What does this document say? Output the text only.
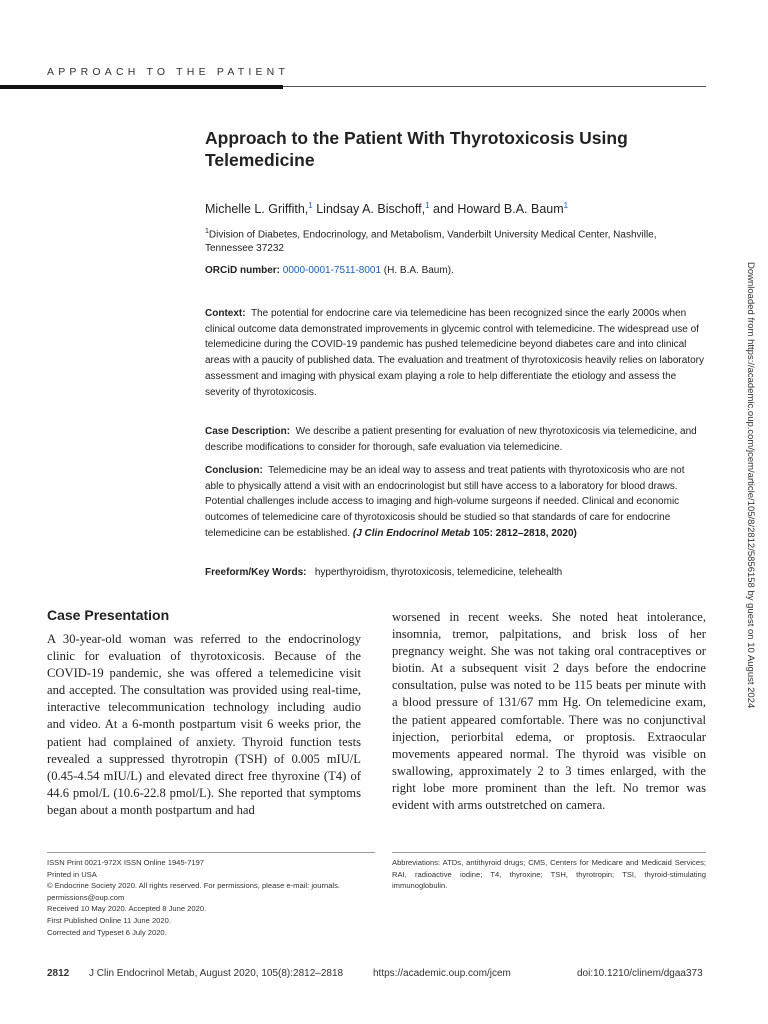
APPROACH TO THE PATIENT
Approach to the Patient With Thyrotoxicosis Using Telemedicine
Michelle L. Griffith,$^1$ Lindsay A. Bischoff,$^1$ and Howard B.A. Baum$^1$
$^1$Division of Diabetes, Endocrinology, and Metabolism, Vanderbilt University Medical Center, Nashville, Tennessee 37232
ORCiD number: 0000-0001-7511-8001 (H. B.A. Baum).
Context: The potential for endocrine care via telemedicine has been recognized since the early 2000s when clinical outcome data demonstrated improvements in glycemic control with telemedicine. The widespread use of telemedicine during the COVID-19 pandemic has pushed telemedicine beyond diabetes care and into clinical areas with a paucity of published data. The evaluation and treatment of thyrotoxicosis heavily relies on laboratory assessment and imaging with physical exam playing a role to help differentiate the etiology and assess the severity of thyrotoxicosis.
Case Description: We describe a patient presenting for evaluation of new thyrotoxicosis via telemedicine, and describe modifications to consider for thorough, safe evaluation via telemedicine.
Conclusion: Telemedicine may be an ideal way to assess and treat patients with thyrotoxicosis who are not able to physically attend a visit with an endocrinologist but still have access to a laboratory for blood draws. Potential challenges include access to imaging and high-volume surgeons if needed. Clinical and economic outcomes of telemedicine care of thyrotoxicosis should be studied so that standards of care for endocrine telemedicine can be established. (J Clin Endocrinol Metab 105: 2812–2818, 2020)
Freeform/Key Words: hyperthyroidism, thyrotoxicosis, telemedicine, telehealth	Downloaded from https://academic.oup.com/jcem/article/105/8/2812/5856158 by guest on 10 August 2024
Case Presentation
A 30-year-old woman was referred to the endocrinology clinic for evaluation of thyrotoxicosis. Because of the COVID-19 pandemic, she was offered a telemedicine visit and accepted. The consultation was provided using real-time, interactive telecommunication technology including audio and video. At a 6-month postpartum visit 6 weeks prior, the patient had complained of anxiety. Thyroid function tests revealed a suppressed thyrotropin (TSH) of 0.005 mIU/L (0.45-4.54 mIU/L) and elevated direct free thyroxine (T4) of 44.6 pmol/L (10.6-22.8 pmol/L). She reported that symptoms began about a month postpartum and had
worsened in recent weeks. She noted heat intolerance, insomnia, tremor, palpitations, and brisk loss of her pregnancy weight. She was not taking oral contraceptives or biotin. At a subsequent visit 2 days before the endocrine consultation, pulse was noted to be 115 beats per minute with a blood pressure of 131/67 mm Hg. On telemedicine exam, the patient appeared comfortable. There was no conjunctival injection, periorbital edema, or proptosis. Extraocular movements appeared normal. The thyroid was visible on swallowing, approximately 2 to 3 times enlarged, with the right lobe more prominent than the left. No tremor was evident with arms outstretched on camera.
ISSN Print 0021-972X ISSN Online 1945-7197
Printed in USA
© Endocrine Society 2020. All rights reserved. For permissions, please e-mail: journals.
permissions@oup.com
Received 10 May 2020. Accepted 8 June 2020.
First Published Online 11 June 2020.
Corrected and Typeset 6 July 2020.
Abbreviations: ATDs, antithyroid drugs; CMS, Centers for Medicare and Medicaid Services; RAI, radioactive iodine; T4, thyroxine; TSH, thyrotropin; TSI, thyroid-stimulating immunoglobulin.
2812 J Clin Endocrinol Metab, August 2020, 105(8):2812–2818	https://academic.oup.com/jcem	doi:10.1210/clinem/dgaa373
